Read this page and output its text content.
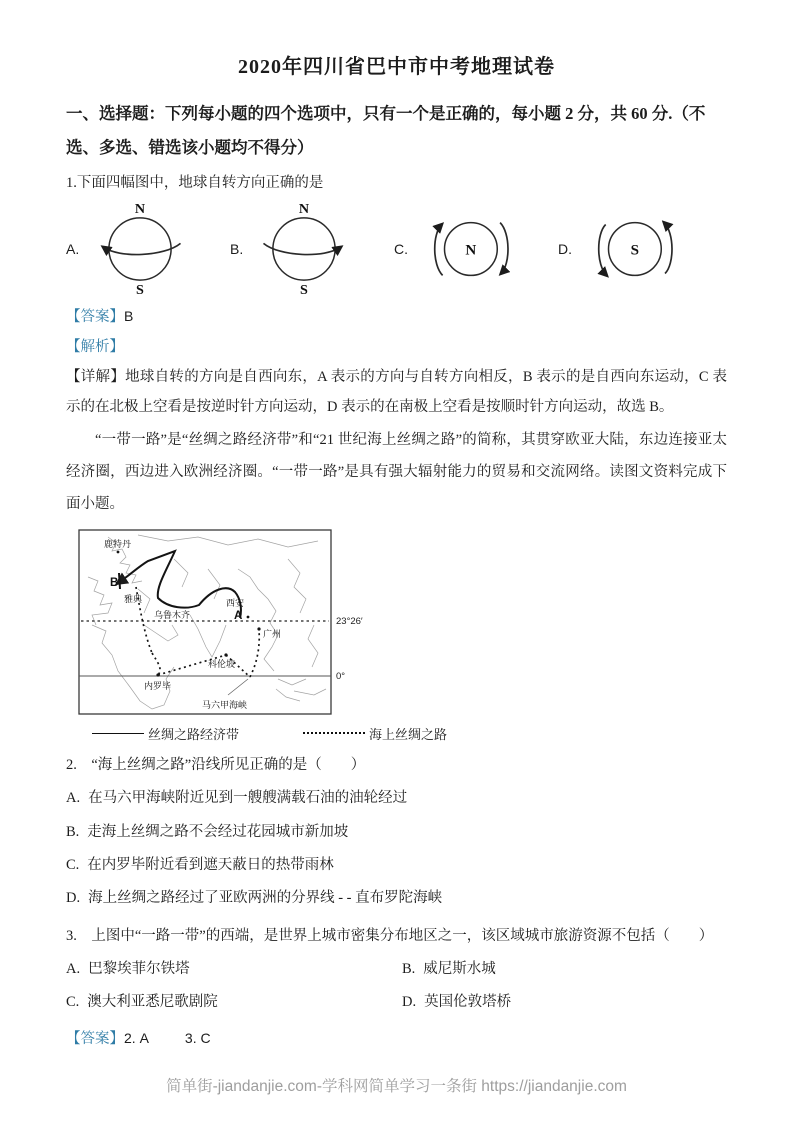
2020年四川省巴中市中考地理试卷
一、选择题：下列每小题的四个选项中，只有一个是正确的，每小题 2 分，共 60 分.（不选、多选、错选该小题均不得分）
1.下面四幅图中，地球自转方向正确的是
A.
N
S
B.
N
S
C.	N	D.	S
【答案】B
【解析】
【详解】地球自转的方向是自西向东，A 表示的方向与自转方向相反，B 表示的是自西向东运动，C 表示的在北极上空看是按逆时针方向运动，D 表示的在南极上空看是按顺时针方向运动，故选 B。
“一带一路”是“丝绸之路经济带”和“21 世纪海上丝绸之路”的简称，其贯穿欧亚大陆，东边连接亚太经济圈，西边进入欧洲经济圈。“一带一路”是具有强大辐射能力的贸易和交流网络。读图文资料完成下面小题。
23°26′
0°
鹿特丹
B
雅典
乌鲁木齐
西安
A
广州
科伦坡
内罗毕
马六甲海峡
丝绸之路经济带	海上丝绸之路
2.　“海上丝绸之路”沿线所见正确的是（　　）
A. 在马六甲海峡附近见到一艘艘满载石油的油轮经过
B. 走海上丝绸之路不会经过花园城市新加坡
C. 在内罗毕附近看到遮天蔽日的热带雨林
D. 海上丝绸之路经过了亚欧两洲的分界线 - - 直布罗陀海峡
3.　上图中“一路一带”的西端，是世界上城市密集分布地区之一，该区域城市旅游资源不包括（　　）
A. 巴黎埃菲尔铁塔	B. 威尼斯水城
C. 澳大利亚悉尼歌剧院	D. 英国伦敦塔桥
【答案】2. A	3. C
简单街-jiandanjie.com-学科网简单学习一条街 https://jiandanjie.com
